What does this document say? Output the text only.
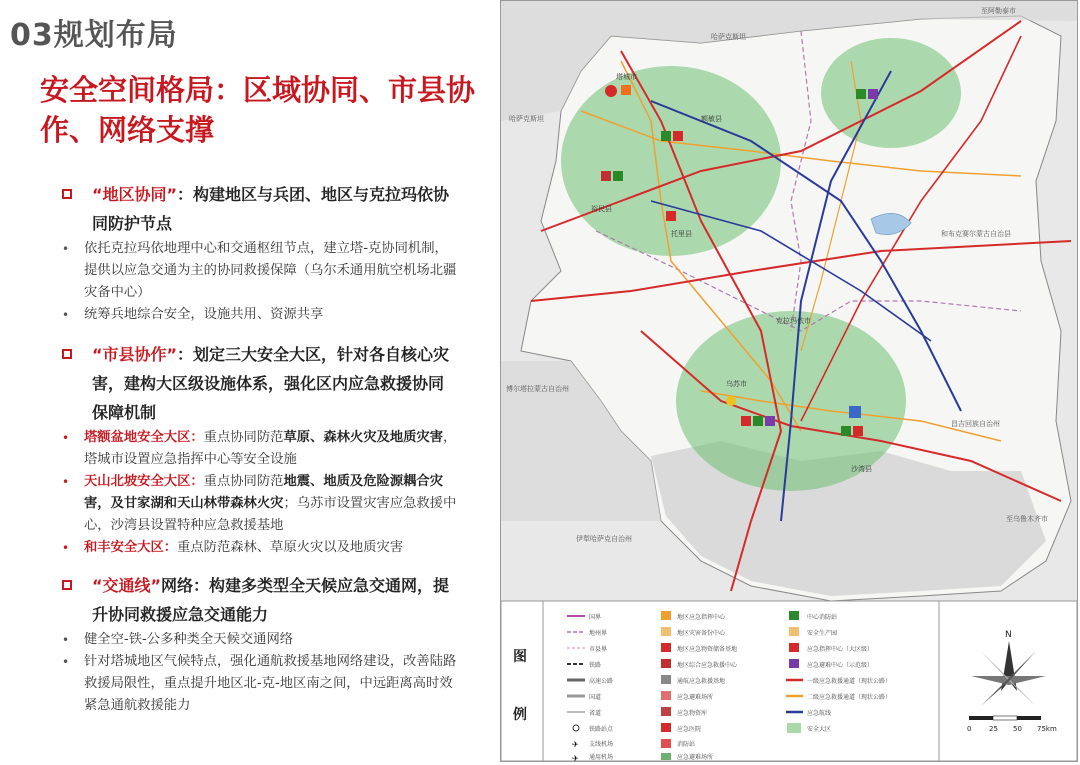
03规划布局
安全空间格局：区域协同、市县协作、网络支撑
“地区协同”：构建地区与兵团、地区与克拉玛依协同防护节点
• 依托克拉玛依地理中心和交通枢纽节点，建立塔-克协同机制，提供以应急交通为主的协同救援保障（乌尔禾通用航空机场北疆灾备中心）
• 统筹兵地综合安全，设施共用、资源共享
“市县协作”：划定三大安全大区，针对各自核心灾害，建构大区级设施体系，强化区内应急救援协同保障机制
• 塔额盆地安全大区：重点协同防范草原、森林火灾及地质灾害，塔城市设置应急指挥中心等安全设施
• 天山北坡安全大区：重点协同防范地震、地质及危险源耦合灾害，及甘家湖和天山林带森林火灾；乌苏市设置灾害应急救援中心，沙湾县设置特种应急救援基地
• 和丰安全大区：重点防范森林、草原火灾以及地质灾害
“交通线”网络：构建多类型全天候应急交通网，提升协同救援应急交通能力
• 健全空-铁-公多种类全天候交通网络
• 针对塔城地区气候特点，强化通航救援基地网络建设，改善陆路救援局限性，重点提升地区北-克-地区南之间，中远距离高时效紧急通航救援能力
哈萨克斯坦
哈萨克斯坦
和布克赛尔蒙古自治县
塔城市
额敏县
裕民县
托里县
乌苏市
沙湾县
克拉玛依市
伊犁哈萨克自治州
博尔塔拉蒙古自治州
昌吉回族自治州
至乌鲁木齐市
至阿勒泰市
图
例
✈
✈
国界
地州界
市县界
铁路
高速公路
国道
省道
铁路站点
支线机场
通用机场
地区应急指挥中心
地区灾害备份中心
地区应急物资储备基地
地区综合应急救援中心
通航应急救援基地
应急避难场所
应急物资库
应急医院
消防站
应急避难场所
中心消防站
安全生产园
应急指挥中心（大区级）
应急避难中心（示范级）
一级应急救援通道（现状公路）
二级应急救援通道（现状公路）
应急航线
安全大区
N
0	25 50 75km
